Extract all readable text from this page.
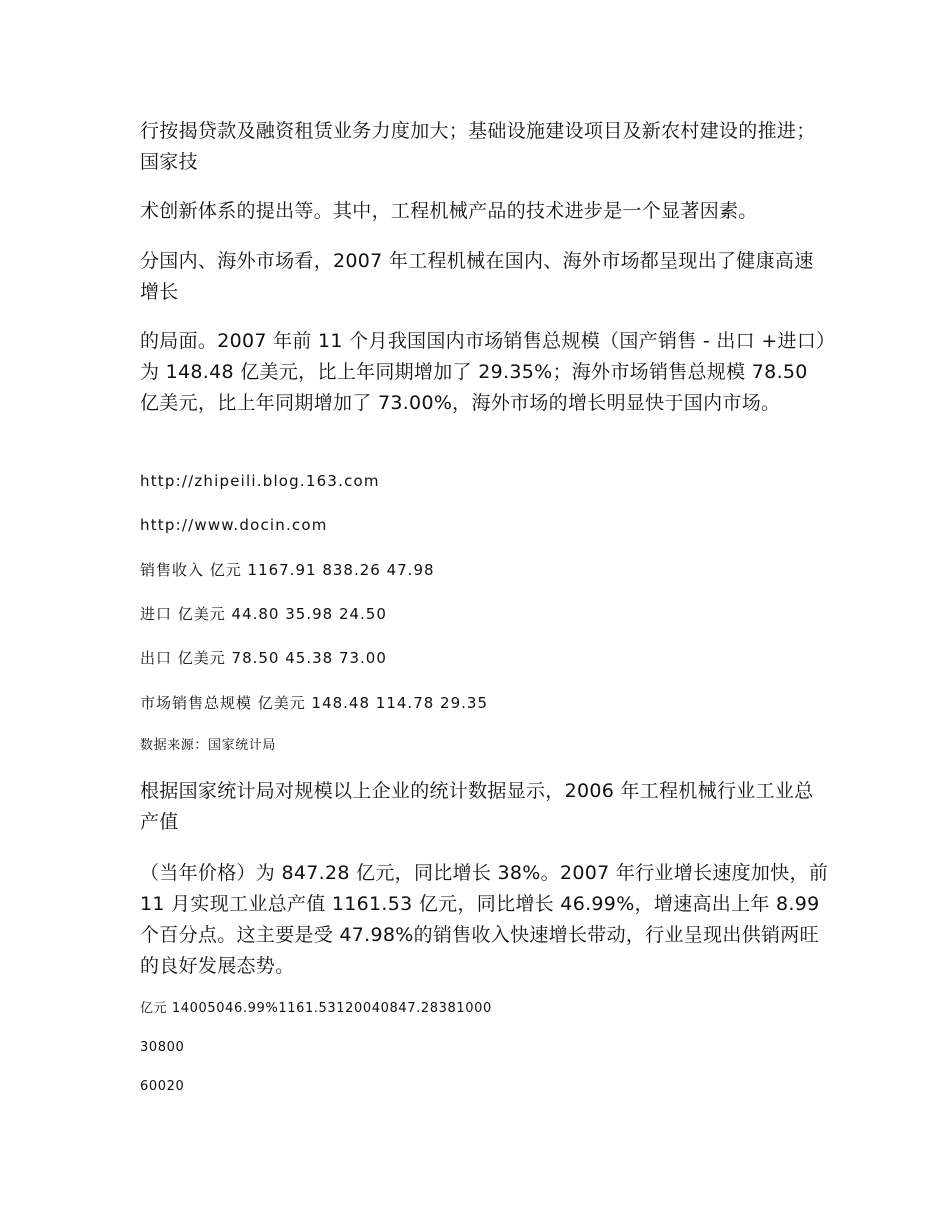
行按揭贷款及融资租赁业务力度加大；基础设施建设项目及新农村建设的推进；国家技

术创新体系的提出等。其中，工程机械产品的技术进步是一个显著因素。

分国内、海外市场看，2007 年工程机械在国内、海外市场都呈现出了健康高速增长

的局面。2007 年前 11 个月我国国内市场销售总规模（国产销售 - 出口 +进口）为 148.48 亿美元，比上年同期增加了 29.35%；海外市场销售总规模 78.50 亿美元，比上年同期增加了 73.00%，海外市场的增长明显快于国内市场。

http://zhipeili.blog.163.com

http://www.docin.com

销售收入 亿元 1167.91 838.26 47.98

进口 亿美元 44.80 35.98 24.50

出口 亿美元 78.50 45.38 73.00

市场销售总规模 亿美元 148.48 114.78 29.35

数据来源：国家统计局

根据国家统计局对规模以上企业的统计数据显示，2006 年工程机械行业工业总产值

（当年价格）为 847.28 亿元，同比增长 38%。2007 年行业增长速度加快，前 11 月实现工业总产值 1161.53 亿元，同比增长 46.99%，增速高出上年 8.99 个百分点。这主要是受 47.98%的销售收入快速增长带动，行业呈现出供销两旺的良好发展态势。

亿元 14005046.99%1161.53120040847.28381000

30800

60020
